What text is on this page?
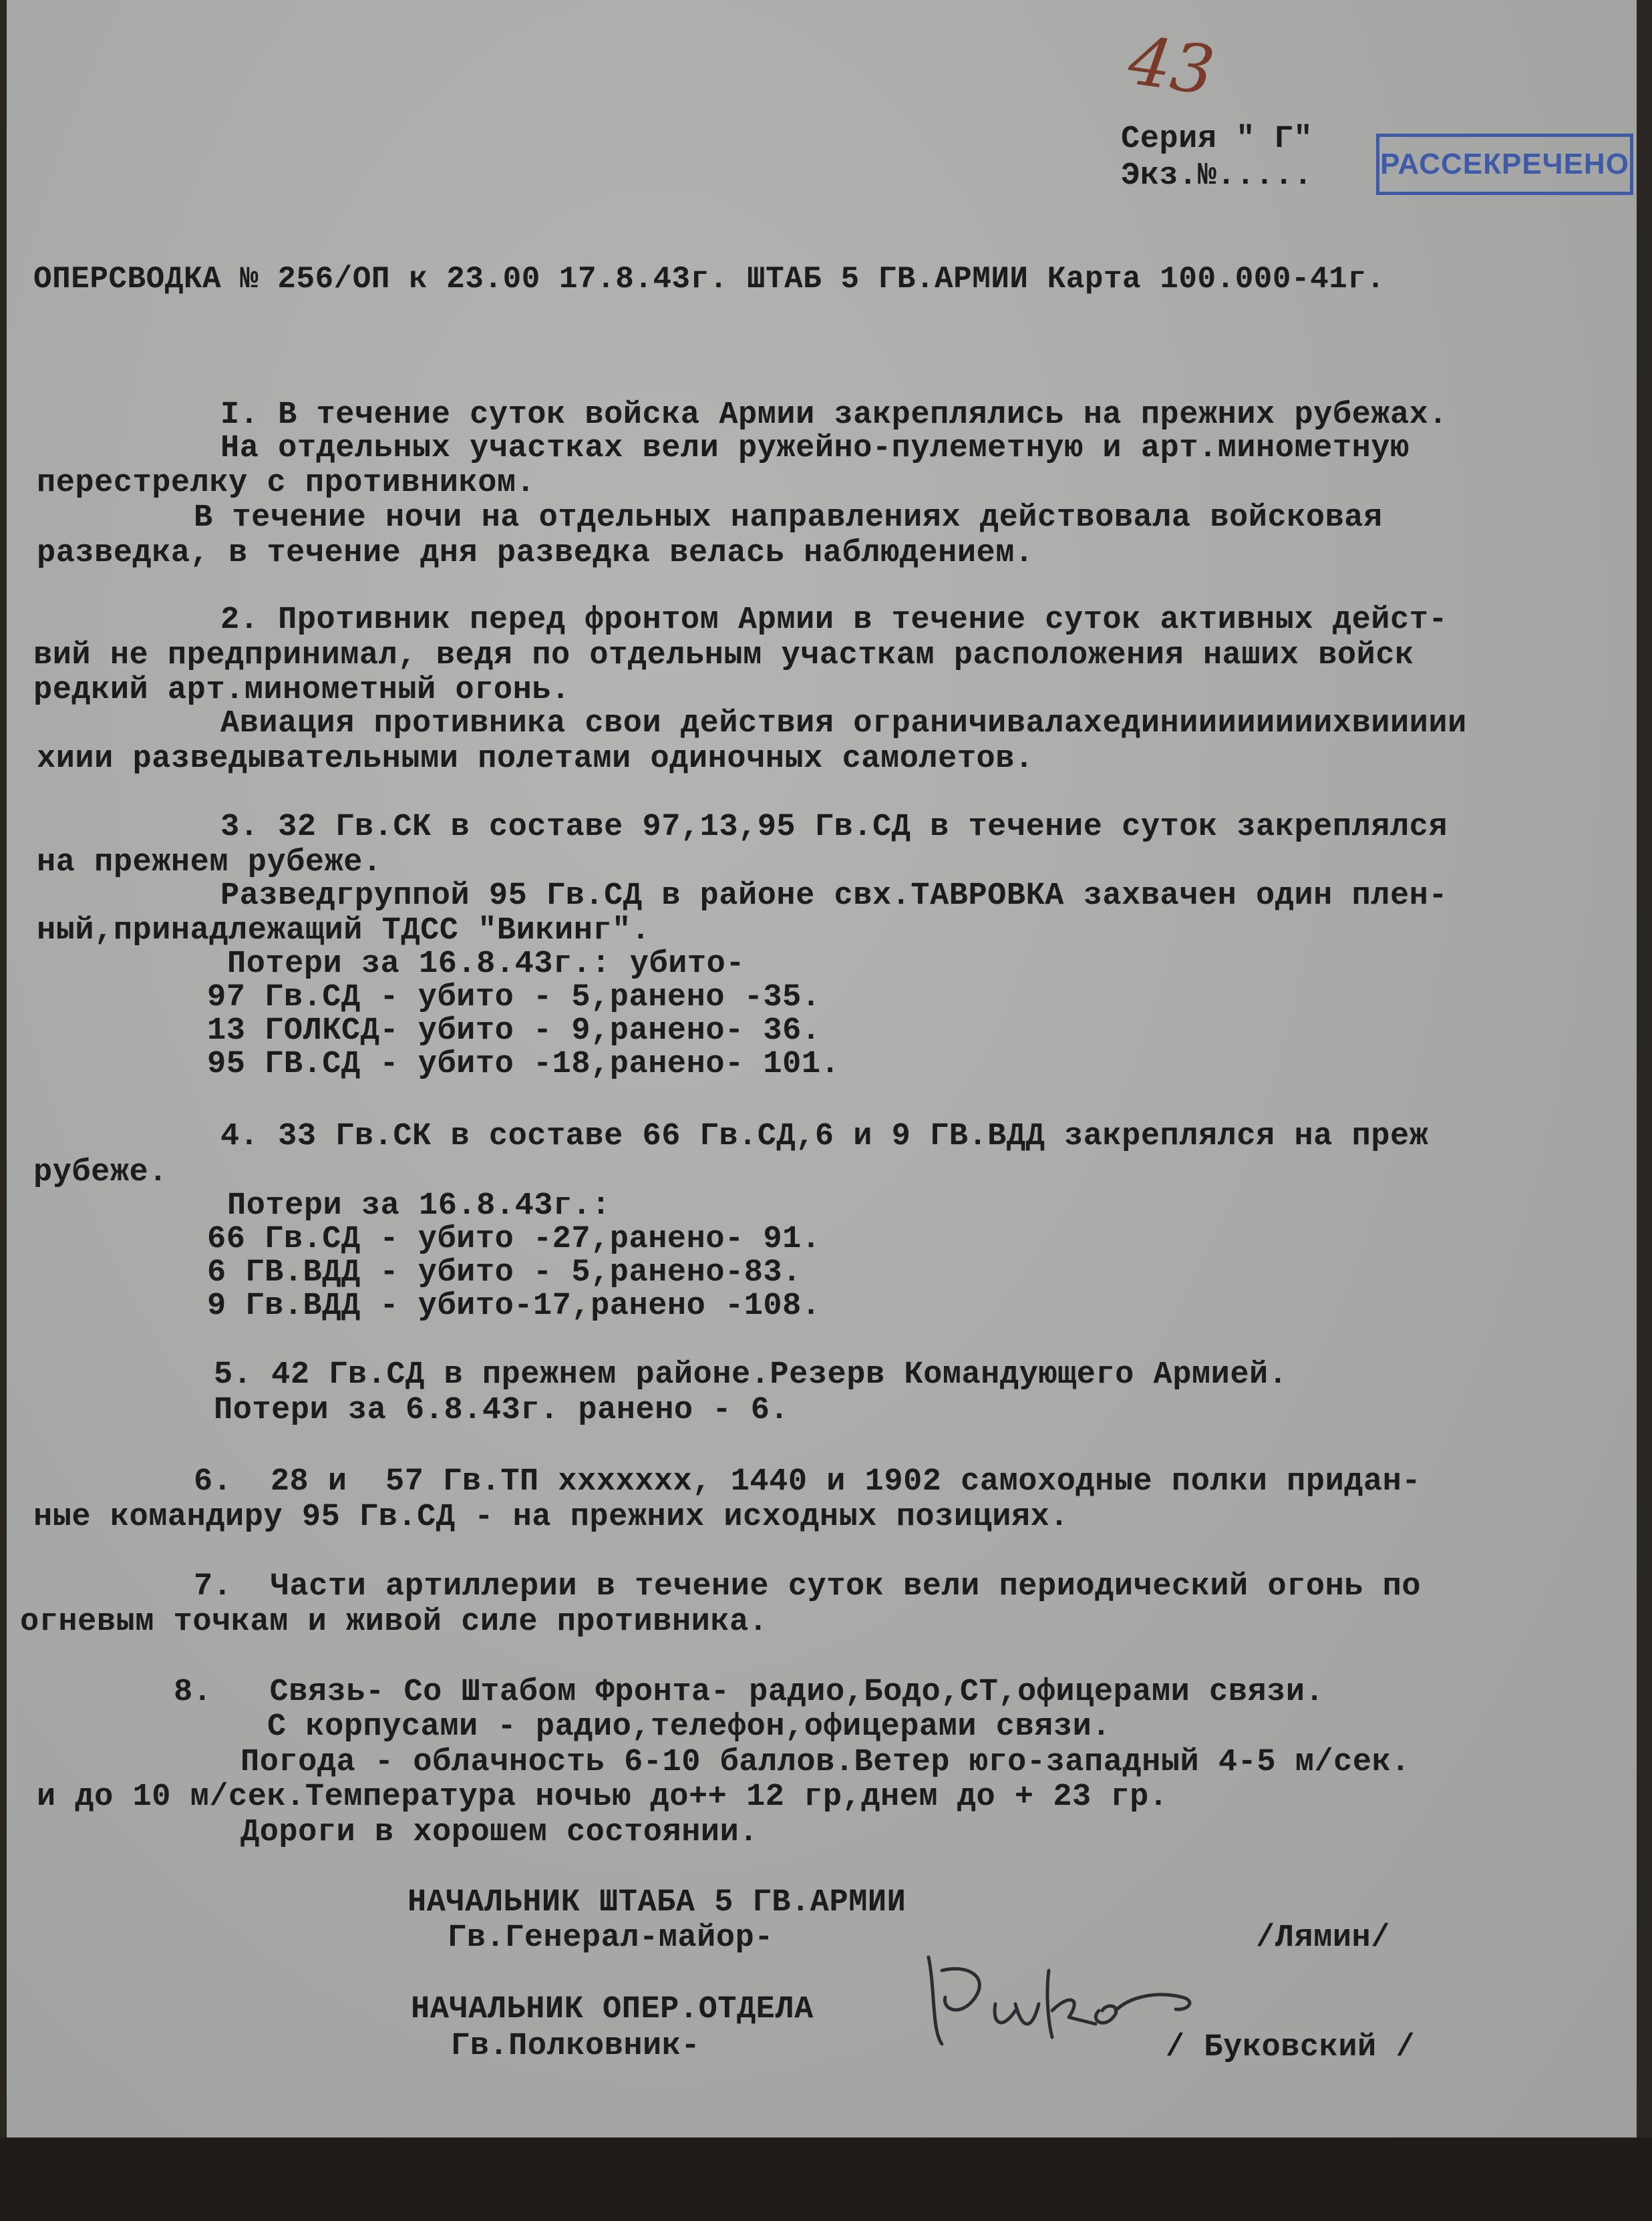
43
Серия " Г"
Экз.№..... РАССЕКРЕЧЕНО
ОПЕРСВОДКА № 256/ОП к 23.00 17.8.43г. ШТАБ 5 ГВ.АРМИИ Карта 100.000-41г.
I. В течение суток войска Армии закреплялись на прежних рубежах.
На отдельных участках вели ружейно-пулеметную и арт.минометную
перестрелку с противником.
В течение ночи на отдельных направлениях действовала войсковая
разведка, в течение дня разведка велась наблюдением.
2. Противник перед фронтом Армии в течение суток активных дейст-
вий не предпринимал, ведя по отдельным участкам расположения наших войск
редкий арт.минометный огонь.
Авиация противника свои действия ограничивалахединиииииииихвиииии
хиии разведывательными полетами одиночных самолетов.
3. 32 Гв.СК в составе 97,13,95 Гв.СД в течение суток закреплялся
на прежнем рубеже.
Разведгруппой 95 Гв.СД в районе свх.ТАВРОВКА захвачен один плен-
ный,принадлежащий ТДСС "Викинг".
Потери за 16.8.43г.: убито-
97 Гв.СД - убито - 5,ранено -35.
13 ГОЛКСД- убито - 9,ранено- 36.
95 ГВ.СД - убито -18,ранено- 101.
4. 33 Гв.СК в составе 66 Гв.СД,6 и 9 ГВ.ВДД закреплялся на преж
рубеже.
Потери за 16.8.43г.:
66 Гв.СД - убито -27,ранено- 91.
6 ГВ.ВДД - убито - 5,ранено-83.
9 Гв.ВДД - убито-17,ранено -108.
5. 42 Гв.СД в прежнем районе.Резерв Командующего Армией.
Потери за 6.8.43г. ранено - 6.
6.  28 и  57 Гв.ТП ххххххх, 1440 и 1902 самоходные полки придан-
ные командиру 95 Гв.СД - на прежних исходных позициях.
7.  Части артиллерии в течение суток вели периодический огонь по
огневым точкам и живой силе противника.
8.   Связь- Со Штабом Фронта- радио,Бодо,СТ,офицерами связи.
С корпусами - радио,телефон,офицерами связи.
Погода - облачность 6-10 баллов.Ветер юго-западный 4-5 м/сек.
и до 10 м/сек.Температура ночью до++ 12 гр,днем до + 23 гр.
Дороги в хорошем состоянии.
НАЧАЛЬНИК ШТАБА 5 ГВ.АРМИИ
Гв.Генерал-майор-	/Лямин/
НАЧАЛЬНИК ОПЕР.ОТДЕЛА
Гв.Полковник-	/ Буковский /
